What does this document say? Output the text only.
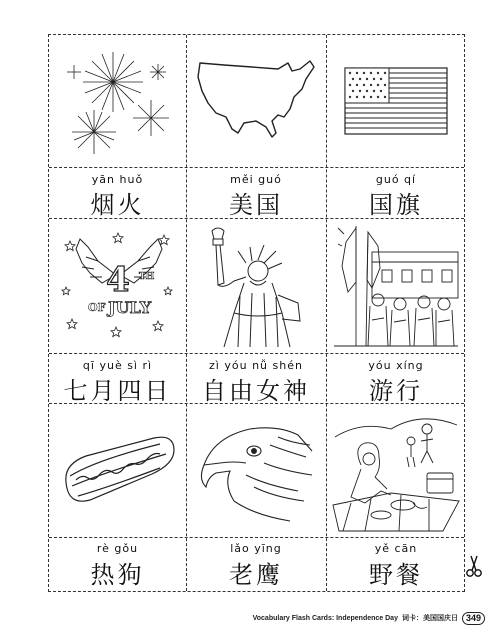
yān huǒ
烟火
měi guó
美国
guó qí
国旗
4 TH
OF JULY
qī yuè sì rì
七月四日
zì yóu nǚ shén
自由女神
yóu xíng
游行
rè gǒu
热狗
lǎo yīng
老鹰
yě cān
野餐
Vocabulary Flash Cards: Independence Day 词卡：美国国庆日 349
